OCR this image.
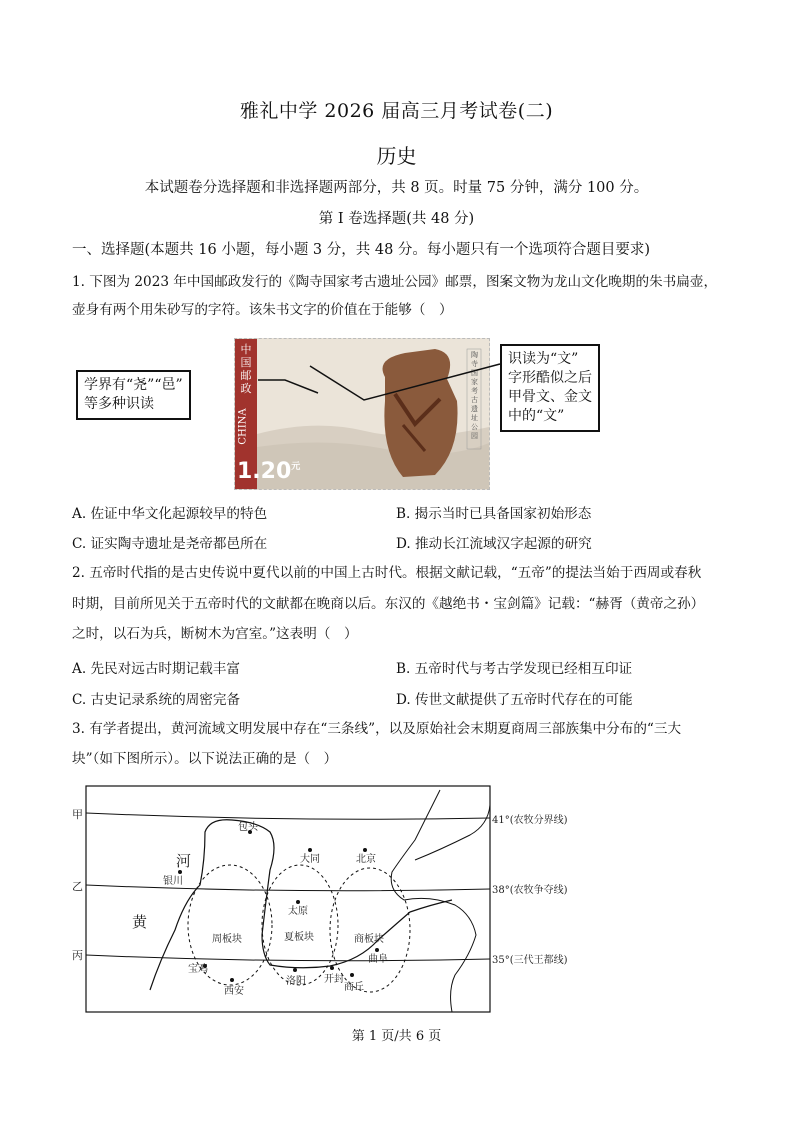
雅礼中学 2026 届高三月考试卷(二)
历史
本试题卷分选择题和非选择题两部分，共 8 页。时量 75 分钟，满分 100 分。
第 I 卷选择题(共 48 分)
一、选择题(本题共 16 小题，每小题 3 分，共 48 分。每小题只有一个选项符合题目要求)
1. 下图为 2023 年中国邮政发行的《陶寺国家考古遗址公园》邮票，图案文物为龙山文化晚期的朱书扁壶，
壶身有两个用朱砂写的字符。该朱书文字的价值在于能够（　）
中国邮政
CHINA
$1.20^元$
陶寺国家考古遗址公园
学界有“尧”“邑”
等多种识读
识读为“文”
字形酷似之后
甲骨文、金文
中的“文”
A. 佐证中华文化起源较早的特色	B. 揭示当时已具备国家初始形态
C. 证实陶寺遗址是尧帝都邑所在	D. 推动长江流域汉字起源的研究
2. 五帝时代指的是古史传说中夏代以前的中国上古时代。根据文献记载，“五帝”的提法当始于西周或春秋
时期，目前所见关于五帝时代的文献都在晚商以后。东汉的《越绝书・宝剑篇》记载：“赫胥（黄帝之孙）
之时，以石为兵，断树木为宫室。”这表明（　）
A. 先民对远古时期记载丰富	B. 五帝时代与考古学发现已经相互印证
C. 古史记录系统的周密完备	D. 传世文献提供了五帝时代存在的可能
3. 有学者提出，黄河流域文明发展中存在“三条线”，以及原始社会末期夏商周三部族集中分布的“三大
块”（如下图所示）。以下说法正确的是（　）
甲
乙
丙
41°(农牧分界线)
38°(农牧争夺线)
35°(三代王都线)
河
黄
包头
大同	北京
银川
太原
曲阜
宝鸡
西安
洛阳 开封
商丘
周板块	夏板块	商板块
第 1 页/共 6 页
